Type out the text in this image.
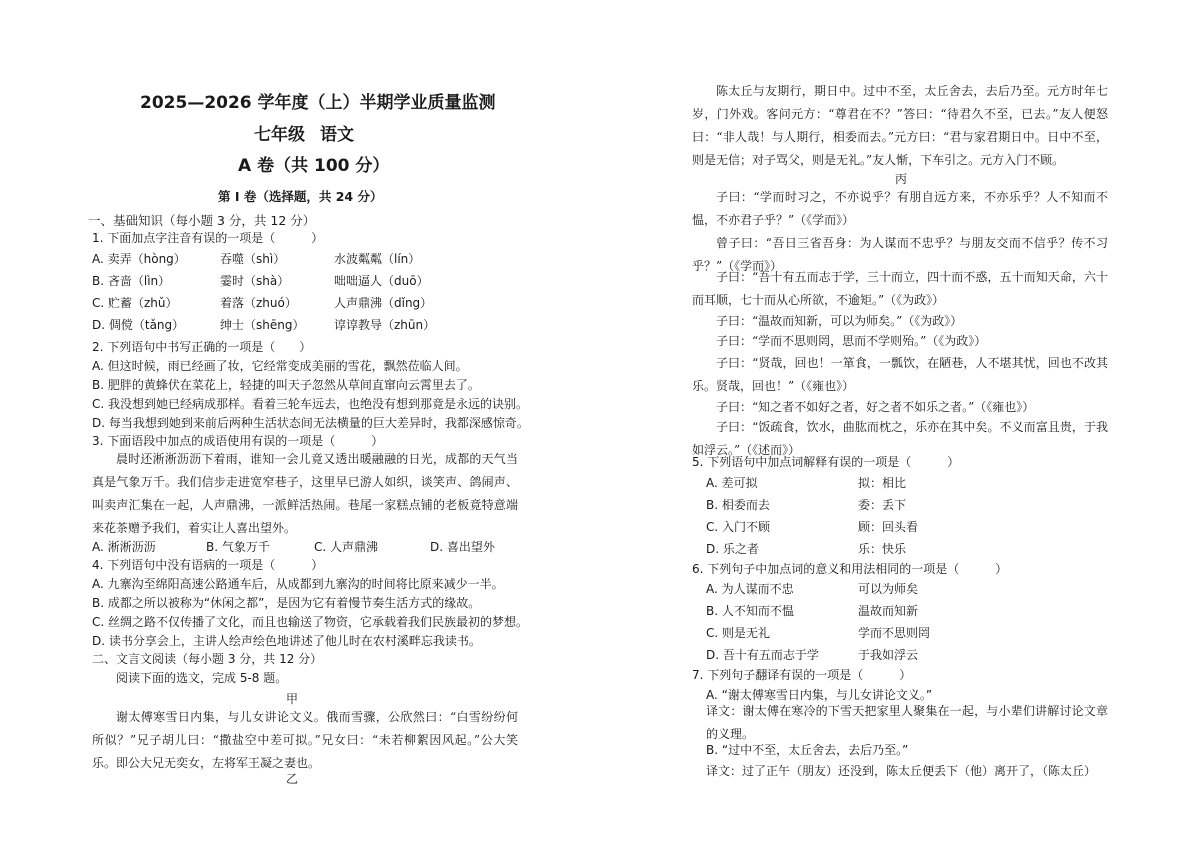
2025—2026 学年度（上）半期学业质量监测
七年级 语文
A 卷（共 100 分）
第 I 卷（选择题，共 24 分）
一、基础知识（每小题 3 分，共 12 分）
1. 下面加点字注音有误的一项是（　　　）
A. 卖弄（hòng）	吞噬（shì）	水波粼粼（lín）
B. 吝啬（lìn）	霎时（shà）	咄咄逼人（duō）
C. 贮蓄（zhǔ）	着落（zhuó）	人声鼎沸（dǐng）
D. 倜傥（tǎng）	绅士（shēng） 谆谆教导（zhūn）
2. 下列语句中书写正确的一项是（　　）
A. 但这时候，雨已经画了妆，它经常变成美丽的雪花，飘然莅临人间。
B. 肥胖的黄蜂伏在菜花上，轻捷的叫天子忽然从草间直窜向云霄里去了。
C. 我没想到她已经病成那样。看着三轮车远去，也绝没有想到那竟是永远的诀别。
D. 每当我想到她到来前后两种生活状态间无法横量的巨大差异时，我都深感惊奇。
3. 下面语段中加点的成语使用有误的一项是（　　　）
晨时还淅淅沥沥下着雨，谁知一会儿竟又透出暖融融的日光，成都的天气当真是气象万千。我们信步走进宽窄巷子，这里早已游人如织，谈笑声、鸽闹声、叫卖声汇集在一起，人声鼎沸，一派鲜活热闹。巷尾一家糕点铺的老板竟特意端来花茶赠予我们，着实让人喜出望外。
A. 淅淅沥沥	B. 气象万千	C. 人声鼎沸	D. 喜出望外
4. 下列语句中没有语病的一项是（　　　）
A. 九寨沟至绵阳高速公路通车后，从成都到九寨沟的时间将比原来减少一半。
B. 成都之所以被称为“休闲之都”，是因为它有着慢节奏生活方式的缘故。
C. 丝绸之路不仅传播了文化，而且也输送了物资，它承载着我们民族最初的梦想。
D. 读书分享会上，主讲人绘声绘色地讲述了他儿时在农村溪畔忘我读书。
二、文言文阅读（每小题 3 分，共 12 分）
阅读下面的选文，完成 5-8 题。
甲
谢太傅寒雪日内集，与儿女讲论文义。俄而雪骤，公欣然曰：“白雪纷纷何所似？”兄子胡儿曰：“撒盐空中差可拟。”兄女曰：“未若柳絮因风起。”公大笑乐。即公大兄无奕女，左将军王凝之妻也。
乙
陈太丘与友期行，期日中。过中不至，太丘舍去，去后乃至。元方时年七岁，门外戏。客问元方：“尊君在不？”答曰：“待君久不至，已去。”友人便怒曰：“非人哉！与人期行，相委而去。”元方曰：“君与家君期日中。日中不至，则是无信；对子骂父，则是无礼。”友人惭，下车引之。元方入门不顾。
丙
子曰：“学而时习之，不亦说乎？有朋自远方来，不亦乐乎？人不知而不愠，不亦君子乎？”（《学而》）
曾子曰：“吾日三省吾身：为人谋而不忠乎？与朋友交而不信乎？传不习乎？”（《学而》）
子曰：“吾十有五而志于学，三十而立，四十而不惑，五十而知天命，六十而耳顺，七十而从心所欲，不逾矩。”（《为政》）
子曰：“温故而知新，可以为师矣。”（《为政》）
子曰：“学而不思则罔，思而不学则殆。”（《为政》）
子曰：“贤哉，回也！一箪食，一瓢饮，在陋巷，人不堪其忧，回也不改其乐。贤哉，回也！”（《雍也》）
子曰：“知之者不如好之者，好之者不如乐之者。”（《雍也》）
子曰：“饭疏食，饮水，曲肱而枕之，乐亦在其中矣。不义而富且贵，于我如浮云。”（《述而》）
5. 下列语句中加点词解释有误的一项是（　　　）
A. 差可拟	拟：相比
B. 相委而去	委：丢下
C. 入门不顾	顾：回头看
D. 乐之者	乐：快乐
6. 下列句子中加点词的意义和用法相同的一项是（　　　）
A. 为人谋而不忠	可以为师矣
B. 人不知而不愠	温故而知新
C. 则是无礼	学而不思则罔
D. 吾十有五而志于学	于我如浮云
7. 下列句子翻译有误的一项是（　　　）
A. “谢太傅寒雪日内集，与儿女讲论文义。”
译文：谢太傅在寒冷的下雪天把家里人聚集在一起，与小辈们讲解讨论文章的义理。
B. “过中不至，太丘舍去，去后乃至。”
译文：过了正午（朋友）还没到，陈太丘便丢下（他）离开了，（陈太丘）
